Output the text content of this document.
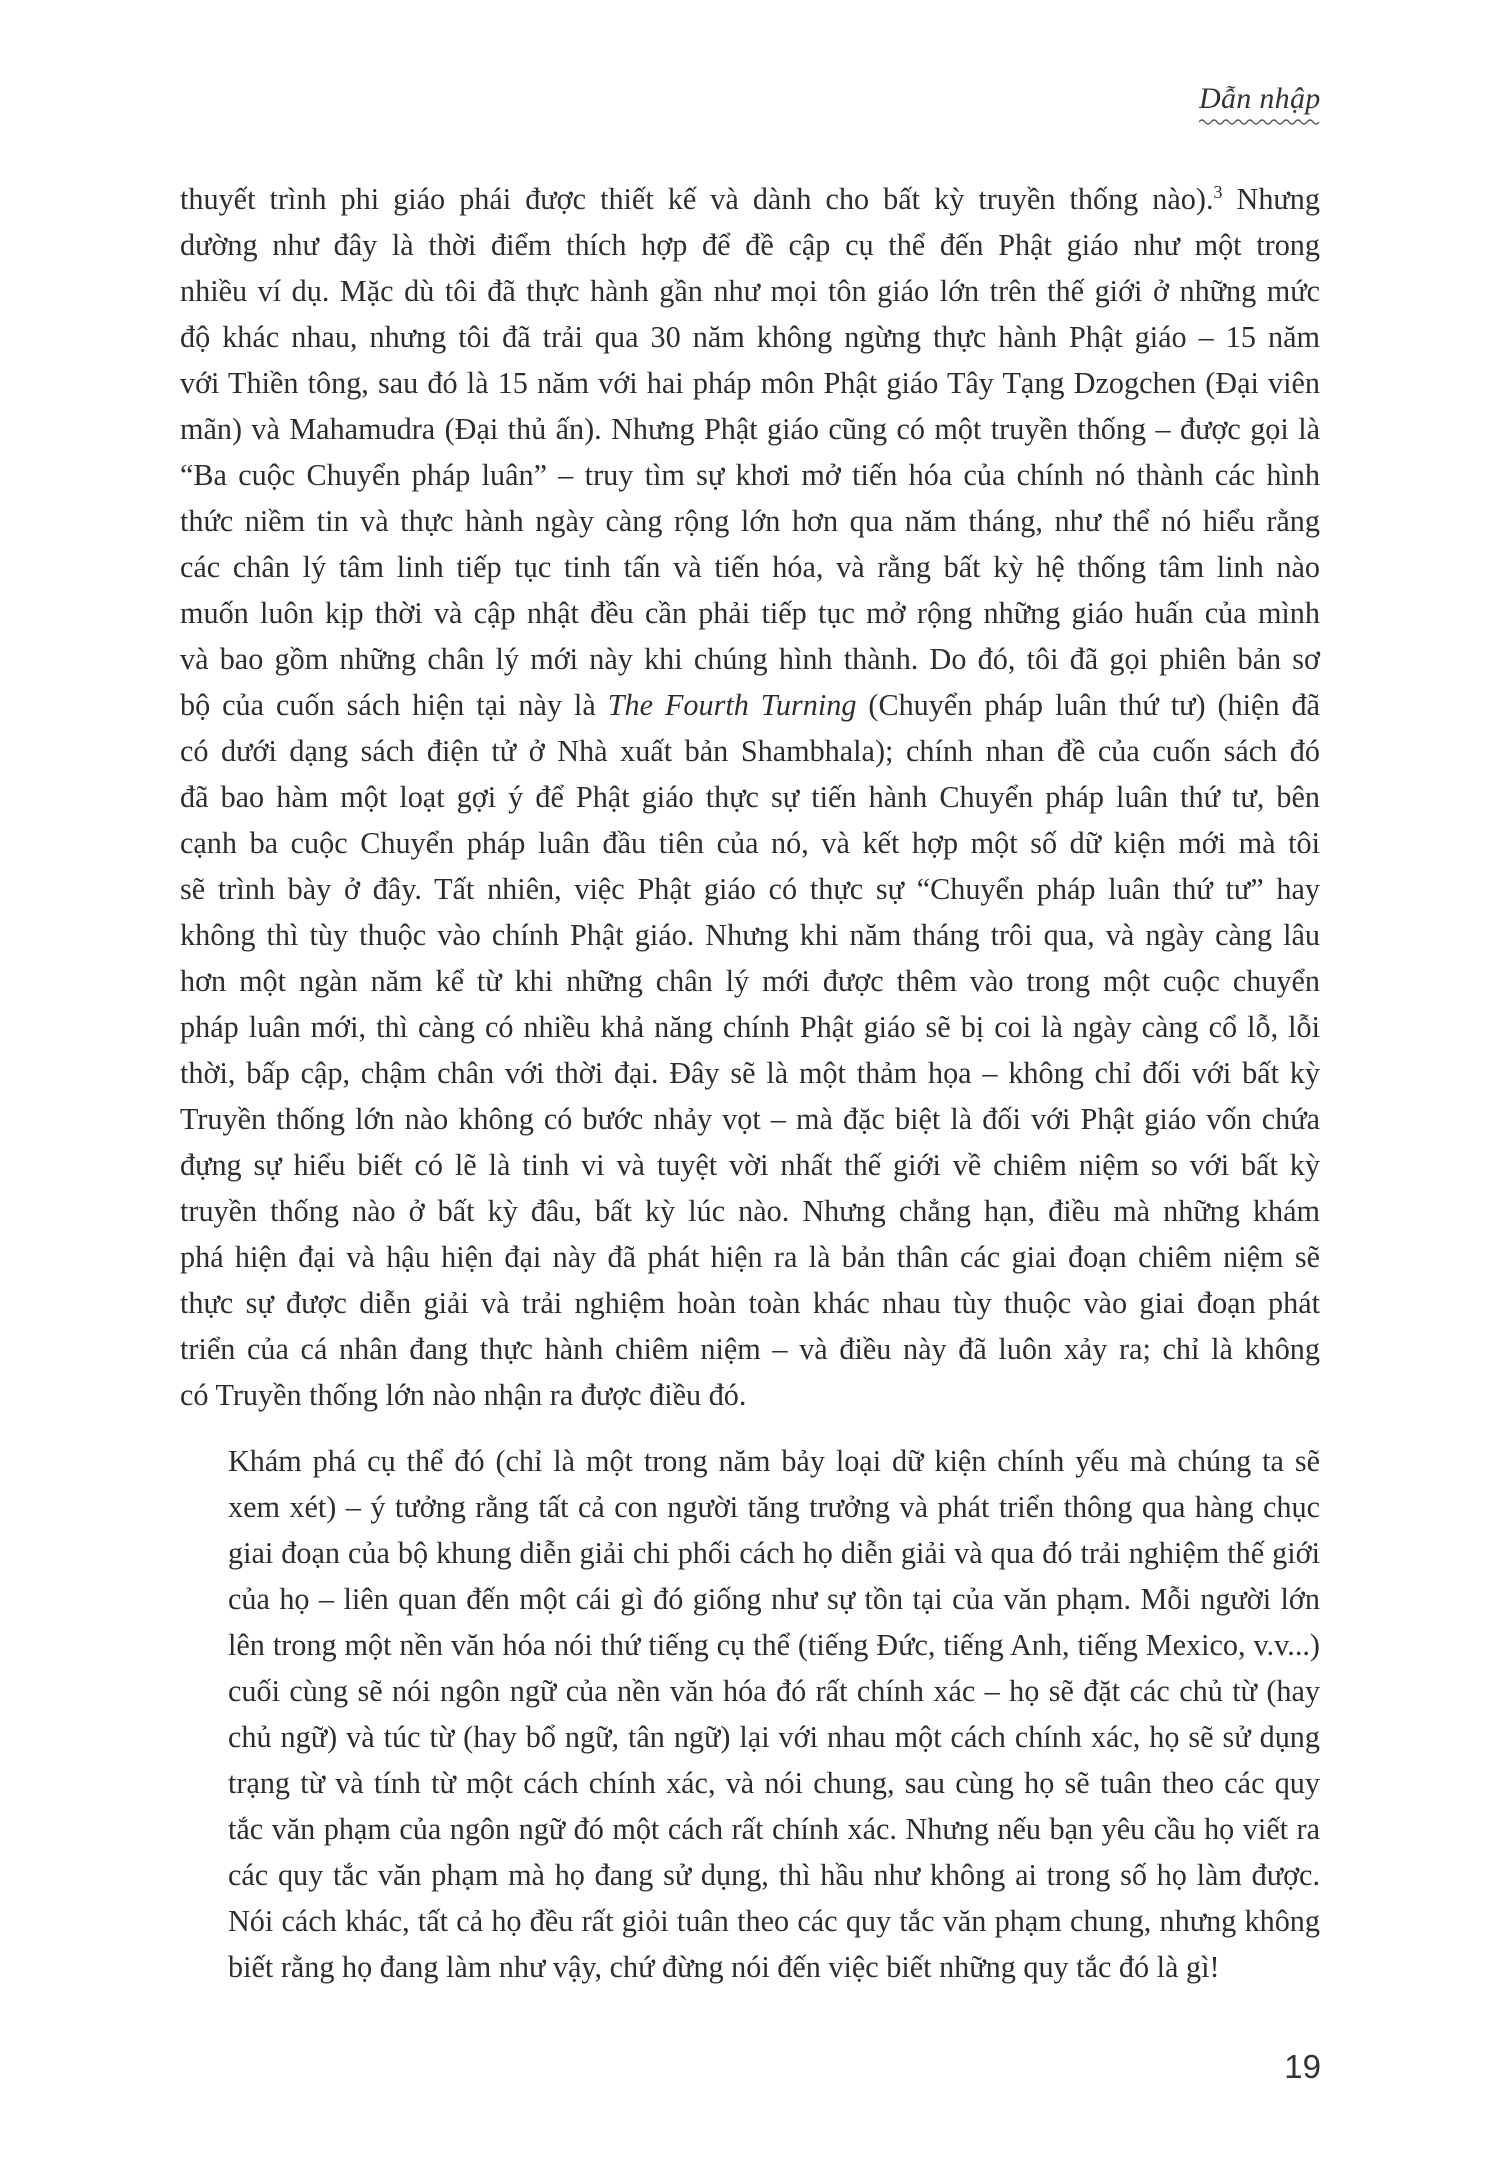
Dẫn nhập

thuyết trình phi giáo phái được thiết kế và dành cho bất kỳ truyền thống nào).$^3$ Nhưng
dường như đây là thời điểm thích hợp để đề cập cụ thể đến Phật giáo như một trong
nhiều ví dụ. Mặc dù tôi đã thực hành gần như mọi tôn giáo lớn trên thế giới ở những mức
độ khác nhau, nhưng tôi đã trải qua 30 năm không ngừng thực hành Phật giáo – 15 năm
với Thiền tông, sau đó là 15 năm với hai pháp môn Phật giáo Tây Tạng Dzogchen (Đại viên
mãn) và Mahamudra (Đại thủ ấn). Nhưng Phật giáo cũng có một truyền thống – được gọi là
“Ba cuộc Chuyển pháp luân” – truy tìm sự khơi mở tiến hóa của chính nó thành các hình
thức niềm tin và thực hành ngày càng rộng lớn hơn qua năm tháng, như thể nó hiểu rằng
các chân lý tâm linh tiếp tục tinh tấn và tiến hóa, và rằng bất kỳ hệ thống tâm linh nào
muốn luôn kịp thời và cập nhật đều cần phải tiếp tục mở rộng những giáo huấn của mình
và bao gồm những chân lý mới này khi chúng hình thành. Do đó, tôi đã gọi phiên bản sơ
bộ của cuốn sách hiện tại này là The Fourth Turning (Chuyển pháp luân thứ tư) (hiện đã
có dưới dạng sách điện tử ở Nhà xuất bản Shambhala); chính nhan đề của cuốn sách đó
đã bao hàm một loạt gợi ý để Phật giáo thực sự tiến hành Chuyển pháp luân thứ tư, bên
cạnh ba cuộc Chuyển pháp luân đầu tiên của nó, và kết hợp một số dữ kiện mới mà tôi
sẽ trình bày ở đây. Tất nhiên, việc Phật giáo có thực sự “Chuyển pháp luân thứ tư” hay
không thì tùy thuộc vào chính Phật giáo. Nhưng khi năm tháng trôi qua, và ngày càng lâu
hơn một ngàn năm kể từ khi những chân lý mới được thêm vào trong một cuộc chuyển
pháp luân mới, thì càng có nhiều khả năng chính Phật giáo sẽ bị coi là ngày càng cổ lỗ, lỗi
thời, bấp cập, chậm chân với thời đại. Đây sẽ là một thảm họa – không chỉ đối với bất kỳ
Truyền thống lớn nào không có bước nhảy vọt – mà đặc biệt là đối với Phật giáo vốn chứa
đựng sự hiểu biết có lẽ là tinh vi và tuyệt vời nhất thế giới về chiêm niệm so với bất kỳ
truyền thống nào ở bất kỳ đâu, bất kỳ lúc nào. Nhưng chẳng hạn, điều mà những khám
phá hiện đại và hậu hiện đại này đã phát hiện ra là bản thân các giai đoạn chiêm niệm sẽ
thực sự được diễn giải và trải nghiệm hoàn toàn khác nhau tùy thuộc vào giai đoạn phát
triển của cá nhân đang thực hành chiêm niệm – và điều này đã luôn xảy ra; chỉ là không
có Truyền thống lớn nào nhận ra được điều đó.

Khám phá cụ thể đó (chỉ là một trong năm bảy loại dữ kiện chính yếu mà chúng ta sẽ
xem xét) – ý tưởng rằng tất cả con người tăng trưởng và phát triển thông qua hàng chục
giai đoạn của bộ khung diễn giải chi phối cách họ diễn giải và qua đó trải nghiệm thế giới
của họ – liên quan đến một cái gì đó giống như sự tồn tại của văn phạm. Mỗi người lớn
lên trong một nền văn hóa nói thứ tiếng cụ thể (tiếng Đức, tiếng Anh, tiếng Mexico, v.v...)
cuối cùng sẽ nói ngôn ngữ của nền văn hóa đó rất chính xác – họ sẽ đặt các chủ từ (hay
chủ ngữ) và túc từ (hay bổ ngữ, tân ngữ) lại với nhau một cách chính xác, họ sẽ sử dụng
trạng từ và tính từ một cách chính xác, và nói chung, sau cùng họ sẽ tuân theo các quy
tắc văn phạm của ngôn ngữ đó một cách rất chính xác. Nhưng nếu bạn yêu cầu họ viết ra
các quy tắc văn phạm mà họ đang sử dụng, thì hầu như không ai trong số họ làm được.
Nói cách khác, tất cả họ đều rất giỏi tuân theo các quy tắc văn phạm chung, nhưng không
biết rằng họ đang làm như vậy, chứ đừng nói đến việc biết những quy tắc đó là gì!

19
